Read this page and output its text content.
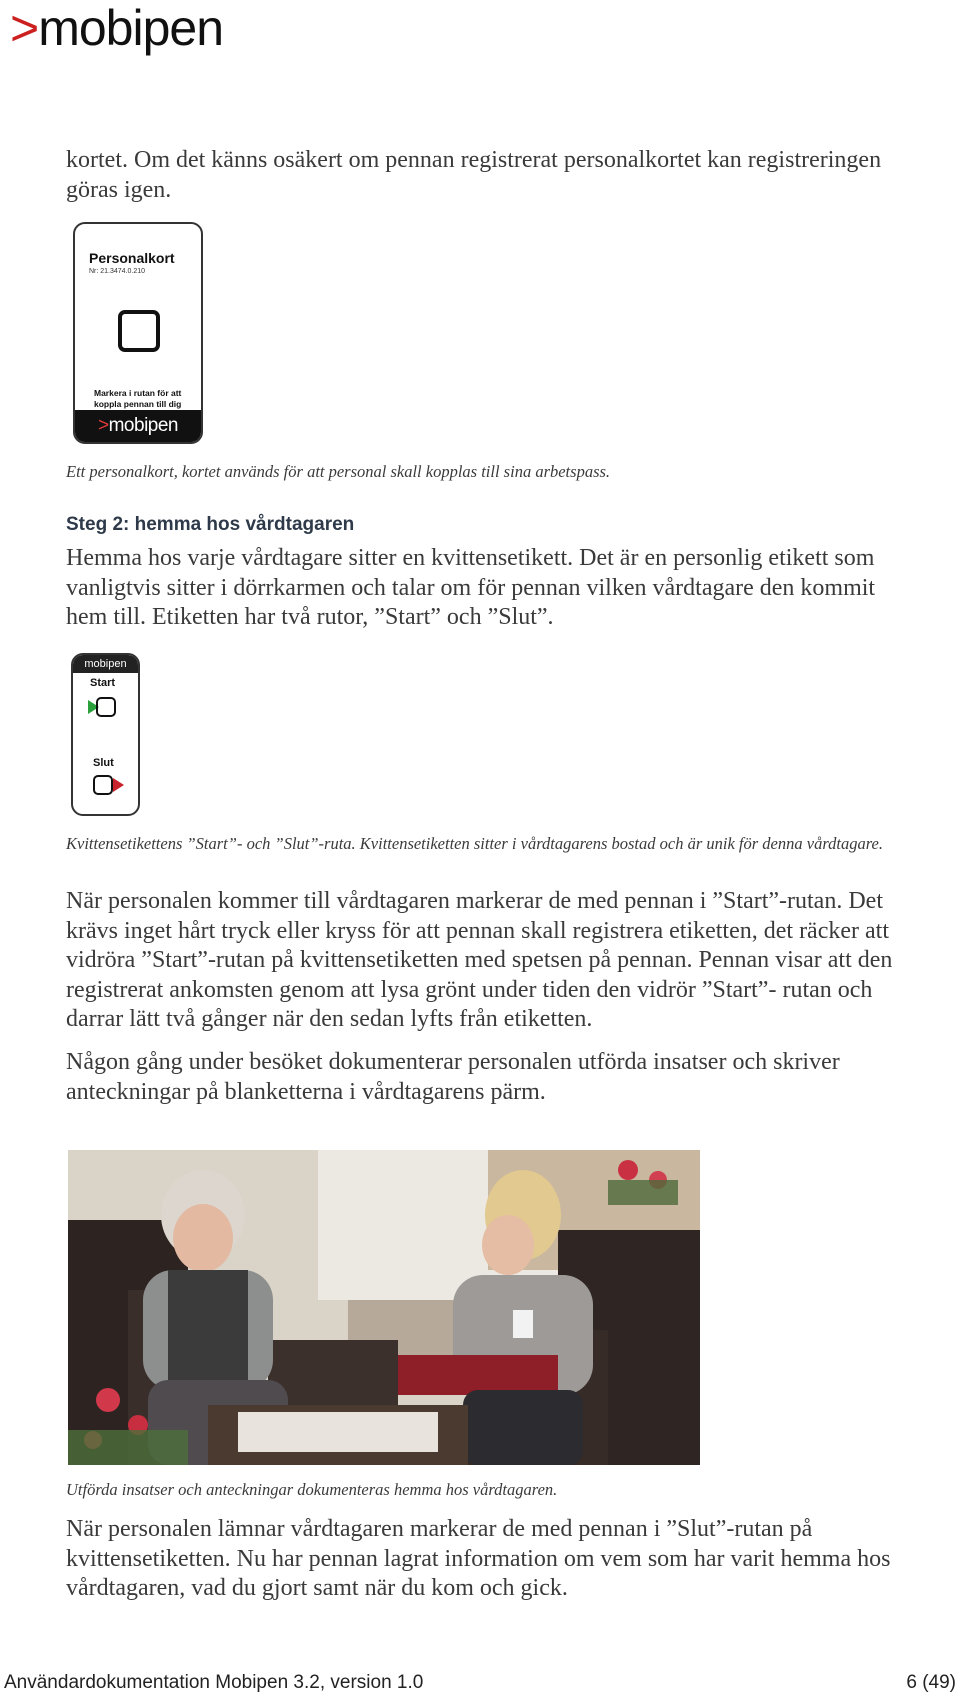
>mobipen
kortet. Om det känns osäkert om pennan registrerat personalkortet kan registreringen göras igen.
Personalkort
Nr: 21.3474.0.210
Markera i rutan för att koppla pennan till dig
>mobipen
Ett personalkort, kortet används för att personal skall kopplas till sina arbetspass.
Steg 2: hemma hos vårdtagaren
Hemma hos varje vårdtagare sitter en kvittensetikett. Det är en personlig etikett som vanligtvis sitter i dörrkarmen och talar om för pennan vilken vårdtagare den kommit hem till. Etiketten har två rutor, ”Start” och ”Slut”.
mobipen
Start
Slut
Kvittensetikettens ”Start”- och ”Slut”-ruta. Kvittensetiketten sitter i vårdtagarens bostad och är unik för denna vårdtagare.
När personalen kommer till vårdtagaren markerar de med pennan i ”Start”-rutan. Det krävs inget hårt tryck eller kryss för att pennan skall registrera etiketten, det räcker att vidröra ”Start”-rutan på kvittensetiketten med spetsen på pennan. Pennan visar att den registrerat ankomsten genom att lysa grönt under tiden den vidrör ”Start”- rutan och darrar lätt två gånger när den sedan lyfts från etiketten.
Någon gång under besöket dokumenterar personalen utförda insatser och skriver anteckningar på blanketterna i vårdtagarens pärm.
Utförda insatser och anteckningar dokumenteras hemma hos vårdtagaren.
När personalen lämnar vårdtagaren markerar de med pennan i ”Slut”-rutan på kvittensetiketten. Nu har pennan lagrat information om vem som har varit hemma hos vårdtagaren, vad du gjort samt när du kom och gick.
Användardokumentation Mobipen 3.2, version 1.0	6 (49)
